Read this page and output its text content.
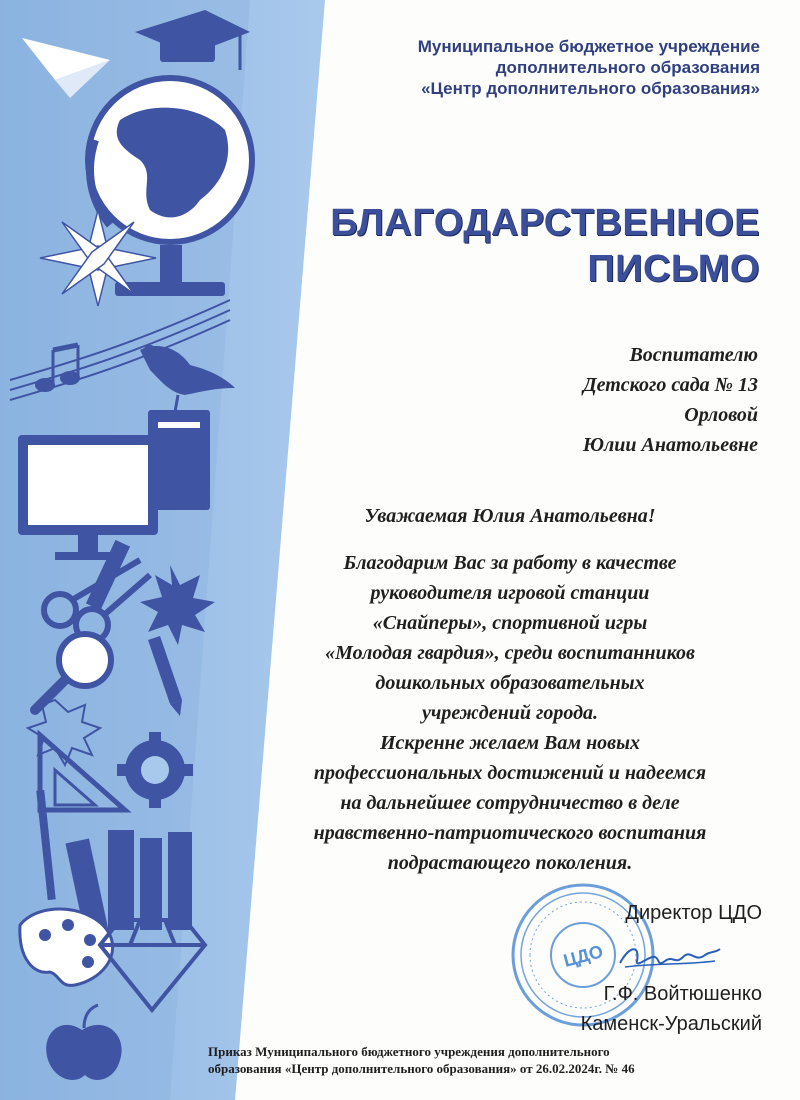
Муниципальное бюджетное учреждение
дополнительного образования
«Центр дополнительного образования»
БЛАГОДАРСТВЕННОЕ
ПИСЬМО
Воспитателю
Детского сада № 13
Орловой
Юлии Анатольевне
Уважаемая Юлия Анатольевна!
Благодарим Вас за работу в качестве
руководителя игровой станции
«Снайперы», спортивной игры
«Молодая гвардия», среди воспитанников
дошкольных образовательных
учреждений города.
Искренне желаем Вам новых
профессиональных достижений и надеемся
на дальнейшее сотрудничество в деле
нравственно-патриотического воспитания
подрастающего поколения.
ЦДО
Директор ЦДО
Г.Ф. Войтюшенко
Каменск-Уральский
Приказ Муниципального бюджетного учреждения дополнительного
образования «Центр дополнительного образования» от 26.02.2024г. № 46
